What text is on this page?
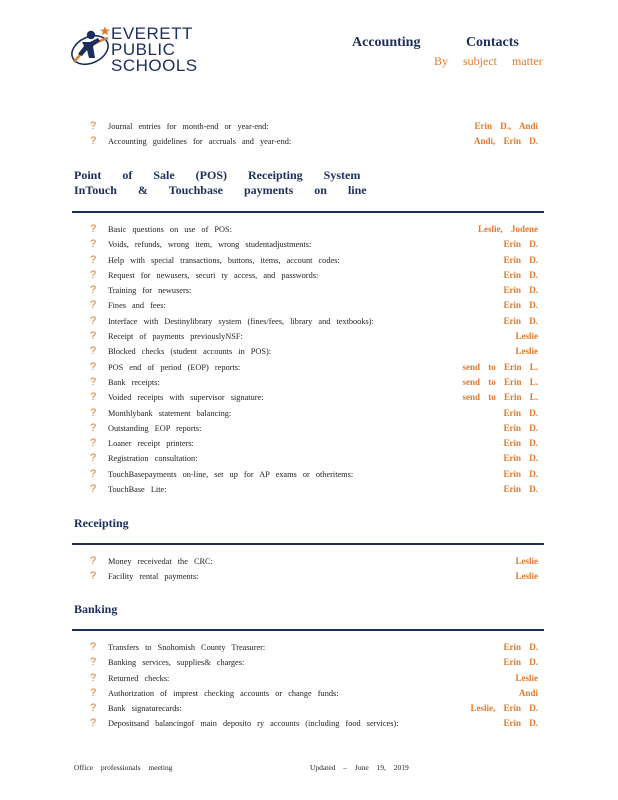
EVERETT
PUBLIC
SCHOOLS
Accounting Contacts
By subject matter
? Journal entries for month-end or year-end:	Erin D., Andi
? Accounting guidelines for accruals and year-end:	Andi, Erin D.
Point of Sale (POS) Receipting System
InTouch & Touchbase payments on line
? Basic questions on use of POS:	Leslie, Jodene
? Voids, refunds, wrong item, wrong studentadjustments:	Erin D.
? Help with special transactions, buttons, items, account codes:	Erin D.
? Request for newusers, securi ty access, and passwords:	Erin D.
? Training for newusers:	Erin D.
? Fines and fees:	Erin D.
? Interface with Destinylibrary system (fines/fees, library and textbooks):	Erin D.
? Receipt of payments previouslyNSF:	Leslie
? Blocked checks (student accounts in POS):	Leslie
? POS end of period (EOP) reports:	send to Erin L.
? Bank receipts:	send to Erin L.
? Voided receipts with supervisor signature:	send to Erin L.
? Monthlybank statement balancing:	Erin D.
? Outstanding EOP reports:	Erin D.
? Loaner receipt printers:	Erin D.
? Registration consultation:	Erin D.
? TouchBasepayments on-line, set up for AP exams or otheritems:	Erin D.
? TouchBase Lite:	Erin D.
Receipting
? Money receivedat the CRC:	Leslie
? Facility rental payments:	Leslie
Banking
? Transfers to Snohomish County Treasurer:	Erin D.
? Banking services, supplies& charges:	Erin D.
? Returned checks:	Leslie
? Authorization of imprest checking accounts or change funds:	Andi
? Bank signaturecards:	Leslie, Erin D.
? Depositsand balancingof main deposito ry accounts (including food services):	Erin D.
Office professionals meeting	Updated – June 19, 2019
